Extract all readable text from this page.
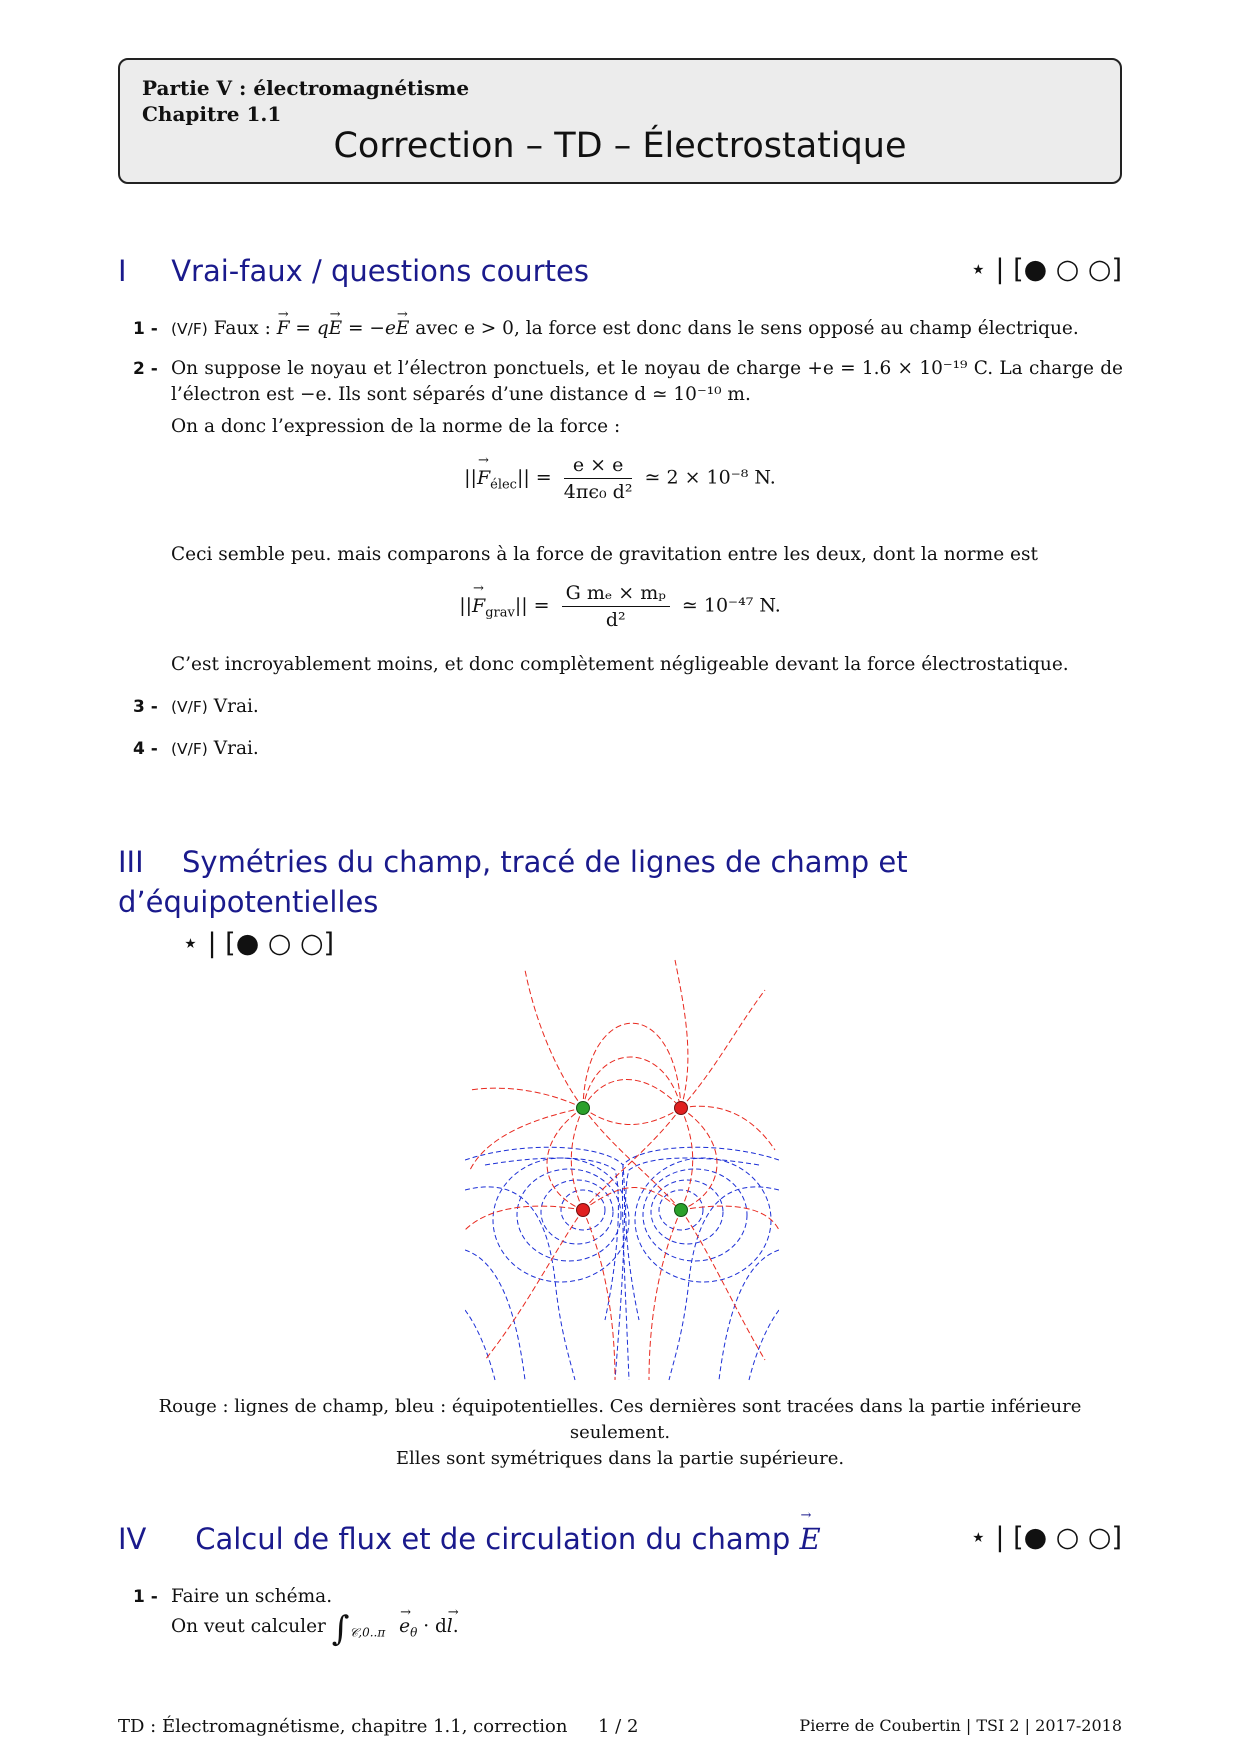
Partie V : électromagnétisme
Chapitre 1.1
Correction – TD – Électrostatique
I Vrai-faux / questions courtes	⋆ | [● ○ ○]
1 - (V/F) Faux : → F = q→ E = −e→ E avec e > 0, la force est donc dans le sens opposé au champ électrique.
2 - On suppose le noyau et l’électron ponctuels, et le noyau de charge +e = 1.6 × 10⁻¹⁹ C. La charge de l’électron est −e. Ils sont séparés d’une distance d ≃ 10⁻¹⁰ m.
On a donc l’expression de la norme de la force :
||→ $F_{élec}|| = \frac{e \times e}{\text{4πϵ₀ d²}}$ ≃ 2 × 10⁻⁸ N.
Ceci semble peu. mais comparons à la force de gravitation entre les deux, dont la norme est
||→ $F_{grav}|| = \frac{\text{G mₑ × mₚ}}{\text{d²}}$ ≃ 10⁻⁴⁷ N.
C’est incroyablement moins, et donc complètement négligeable devant la force électrostatique.
3 - (V/F) Vrai.
4 - (V/F) Vrai.
III Symétries du champ, tracé de lignes de champ et d’équipotentielles
⋆ | [● ○ ○]
Rouge : lignes de champ, bleu : équipotentielles. Ces dernières sont tracées dans la partie inférieure seulement.
Elles sont symétriques dans la partie supérieure.
IV Calcul de flux et de circulation du champ → E	⋆ | [● ○ ○]
1 - Faire un schéma.
On veut calculer $\int_{𝒞,0..\pi} \to e_\theta \cdot d\to l$.
TD : Électromagnétisme, chapitre 1.1, correction 1 / 2	Pierre de Coubertin | TSI 2 | 2017-2018
